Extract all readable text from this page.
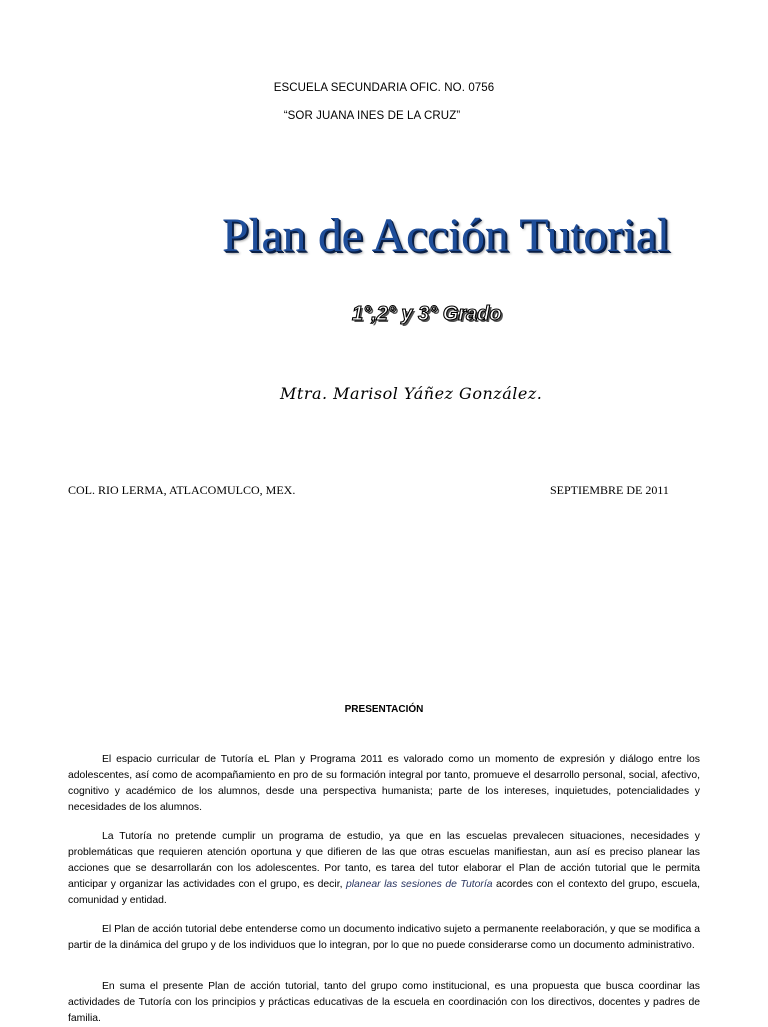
ESCUELA SECUNDARIA OFIC. NO. 0756
“SOR JUANA INES DE LA CRUZ”
Plan de Acción Tutorial
1°,2° y 3° Grado
Mtra. Marisol Yáñez González.
COL. RIO LERMA, ATLACOMULCO, MEX.	SEPTIEMBRE DE 2011
PRESENTACIÓN

El espacio curricular de Tutoría eL Plan y Programa 2011 es valorado como un momento de expresión y diálogo entre los adolescentes, así como de acompañamiento en pro de su formación integral por tanto, promueve el desarrollo personal, social, afectivo, cognitivo y académico de los alumnos, desde una perspectiva humanista; parte de los intereses, inquietudes, potencialidades y necesidades de los alumnos.

La Tutoría no pretende cumplir un programa de estudio, ya que en las escuelas prevalecen situaciones, necesidades y problemáticas que requieren atención oportuna y que difieren de las que otras escuelas manifiestan, aun así es preciso planear las acciones que se desarrollarán con los adolescentes. Por tanto, es tarea del tutor elaborar el Plan de acción tutorial que le permita anticipar y organizar las actividades con el grupo, es decir, planear las sesiones de Tutoría acordes con el contexto del grupo, escuela, comunidad y entidad.

El Plan de acción tutorial debe entenderse como un documento indicativo sujeto a permanente reelaboración, y que se modifica a partir de la dinámica del grupo y de los individuos que lo integran, por lo que no puede considerarse como un documento administrativo.

En suma el presente Plan de acción tutorial, tanto del grupo como institucional, es una propuesta que busca coordinar las actividades de Tutoría con los principios y prácticas educativas de la escuela en coordinación con los directivos, docentes y padres de familia.
